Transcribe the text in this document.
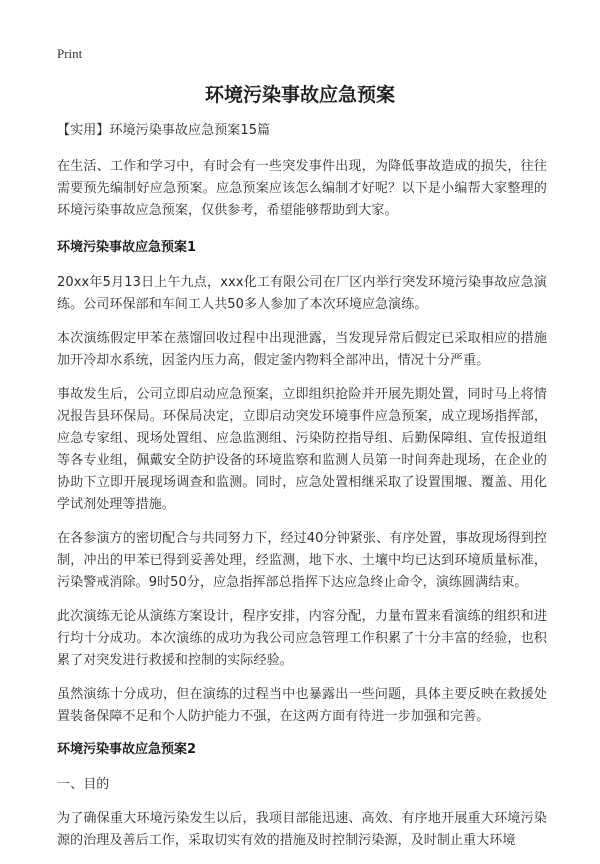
Print
环境污染事故应急预案

【实用】环境污染事故应急预案15篇

在生活、工作和学习中，有时会有一些突发事件出现，为降低事故造成的损失，往往需要预先编制好应急预案。应急预案应该怎么编制才好呢？以下是小编帮大家整理的环境污染事故应急预案，仅供参考，希望能够帮助到大家。

环境污染事故应急预案1

20xx年5月13日上午九点，xxx化工有限公司在厂区内举行突发环境污染事故应急演练。公司环保部和车间工人共50多人参加了本次环境应急演练。

本次演练假定甲苯在蒸馏回收过程中出现泄露，当发现异常后假定已采取相应的措施加开冷却水系统，因釜内压力高，假定釜内物料全部冲出，情况十分严重。

事故发生后，公司立即启动应急预案，立即组织抢险并开展先期处置，同时马上将情况报告县环保局。环保局决定，立即启动突发环境事件应急预案，成立现场指挥部，应急专家组、现场处置组、应急监测组、污染防控指导组、后勤保障组、宣传报道组等各专业组，佩戴安全防护设备的环境监察和监测人员第一时间奔赴现场，在企业的协助下立即开展现场调查和监测。同时，应急处置相继采取了设置围堰、覆盖、用化学试剂处理等措施。

在各参演方的密切配合与共同努力下，经过40分钟紧张、有序处置，事故现场得到控制，冲出的甲苯已得到妥善处理，经监测，地下水、土壤中均已达到环境质量标准，污染警戒消除。9时50分，应急指挥部总指挥下达应急终止命令，演练圆满结束。

此次演练无论从演练方案设计，程序安排，内容分配，力量布置来看演练的组织和进行均十分成功。本次演练的成功为我公司应急管理工作积累了十分丰富的经验，也积累了对突发进行救援和控制的实际经验。

虽然演练十分成功，但在演练的过程当中也暴露出一些问题，具体主要反映在救援处置装备保障不足和个人防护能力不强，在这两方面有待进一步加强和完善。

环境污染事故应急预案2

一、目的

为了确保重大环境污染发生以后，我项目部能迅速、高效、有序地开展重大环境污染源的治理及善后工作，采取切实有效的措施及时控制污染源，及时制止重大环境
